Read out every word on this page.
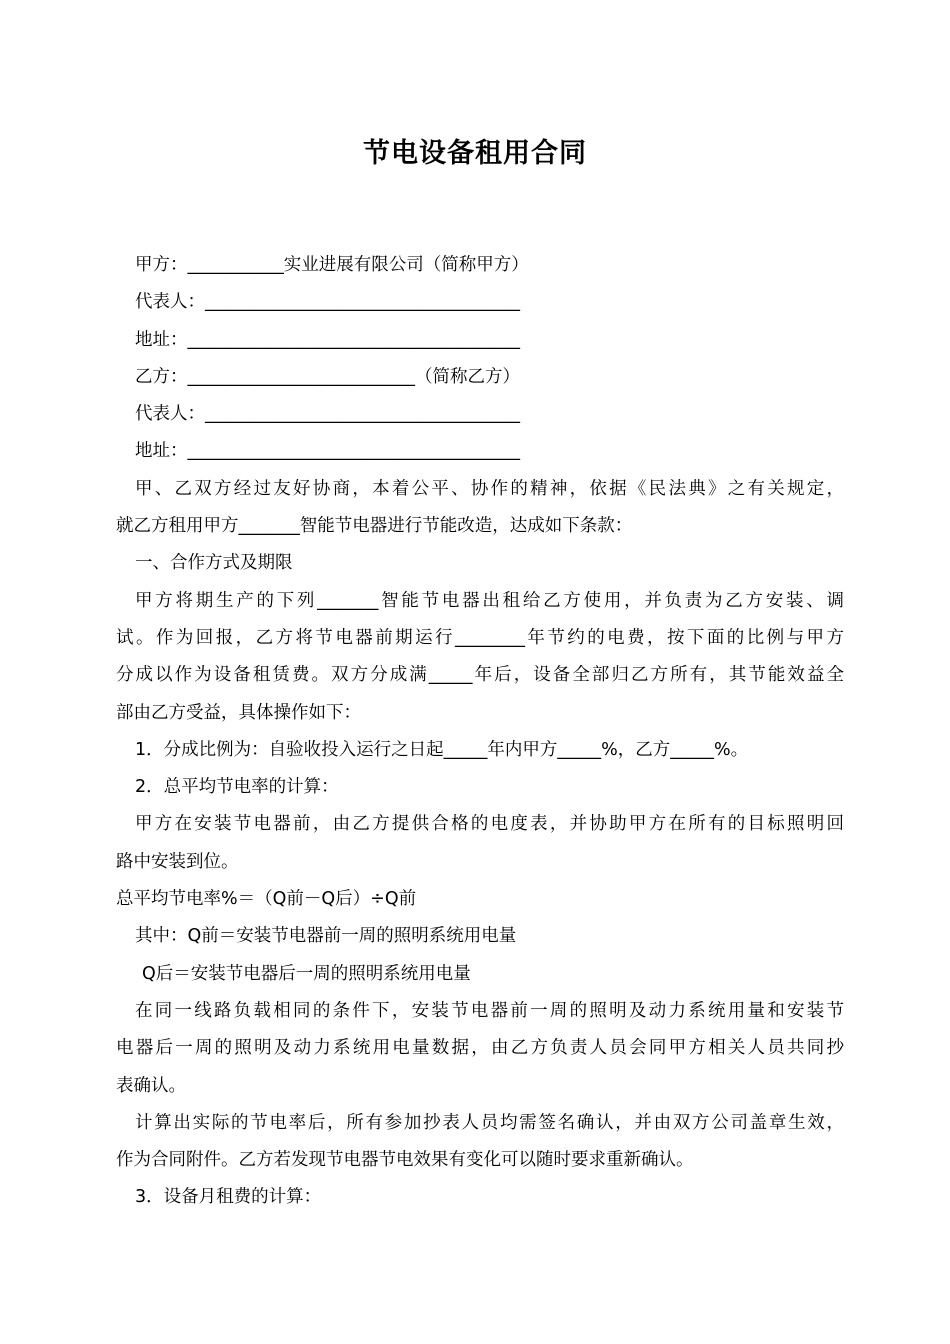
节电设备租用合同

甲方：___________实业进展有限公司（简称甲方）

代表人：____________________________________

地址：______________________________________

乙方：__________________________（简称乙方）

代表人：____________________________________

地址：______________________________________

甲、乙双方经过友好协商，本着公平、协作的精神，依据《民法典》之有关规定，

就乙方租用甲方_______智能节电器进行节能改造，达成如下条款：

一、合作方式及期限

甲方将期生产的下列_______智能节电器出租给乙方使用，并负责为乙方安装、调

试。作为回报，乙方将节电器前期运行________年节约的电费，按下面的比例与甲方

分成以作为设备租赁费。双方分成满_____年后，设备全部归乙方所有，其节能效益全

部由乙方受益，具体操作如下：

1．分成比例为：自验收投入运行之日起_____年内甲方_____%，乙方_____%。

2．总平均节电率的计算：

甲方在安装节电器前，由乙方提供合格的电度表，并协助甲方在所有的目标照明回

路中安装到位。

总平均节电率%＝（Q前－Q后）÷Q前

其中：Q前＝安装节电器前一周的照明系统用电量

Q后＝安装节电器后一周的照明系统用电量

在同一线路负载相同的条件下，安装节电器前一周的照明及动力系统用量和安装节

电器后一周的照明及动力系统用电量数据，由乙方负责人员会同甲方相关人员共同抄

表确认。

计算出实际的节电率后，所有参加抄表人员均需签名确认，并由双方公司盖章生效，

作为合同附件。乙方若发现节电器节电效果有变化可以随时要求重新确认。

3．设备月租费的计算：
